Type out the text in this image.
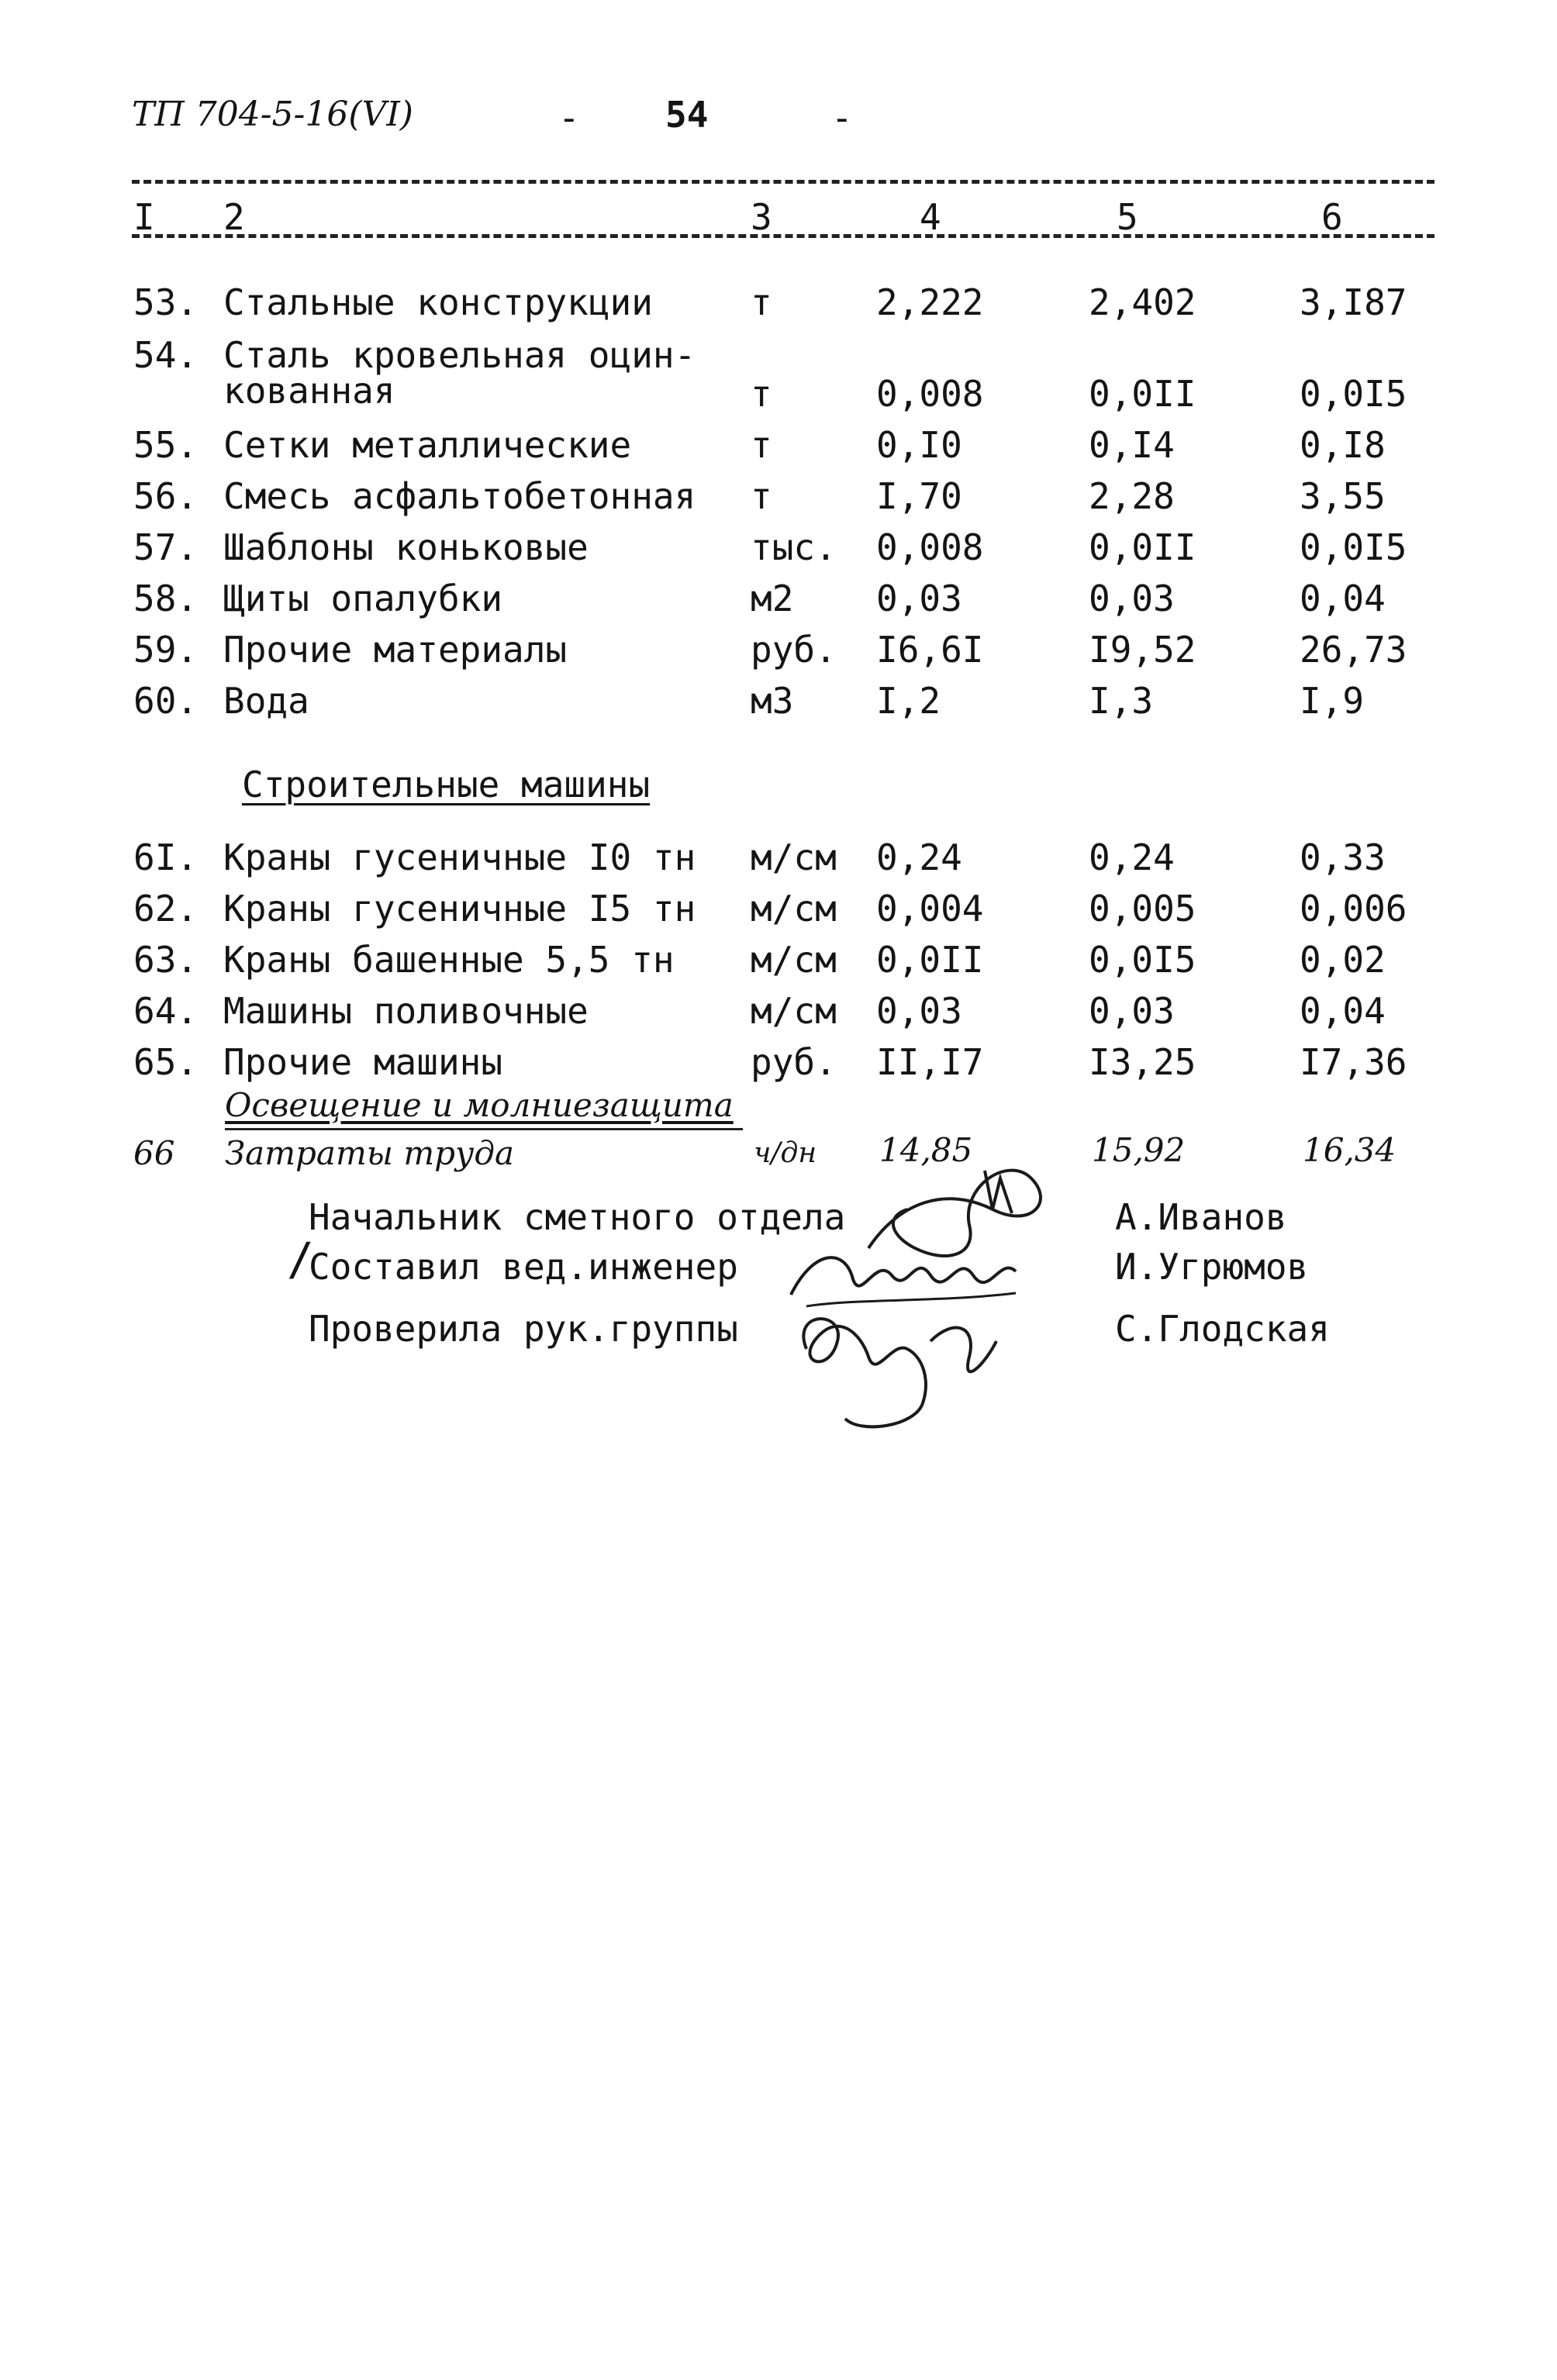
ТП 704-5-16(VI)	- 54	-
I 2	3	4	5	6
53. Стальные конструкции	т	2,222	2,402	3,I87
54. Сталь кровельная оцин-
кованная	т	0,008	0,0II	0,0I5
55. Сетки металлические	т	0,I0	0,I4	0,I8
56. Смесь асфальтобетонная т	I,70	2,28	3,55
57. Шаблоны коньковые	тыс. 0,008	0,0II	0,0I5
58. Щиты опалубки	м2 0,03	0,03	0,04
59. Прочие материалы	руб. I6,6I	I9,52	26,73
60. Вода	м3 I,2	I,3	I,9
Строительные машины
6I. Краны гусеничные I0 тн м/см 0,24	0,24	0,33
62. Краны гусеничные I5 тн м/см 0,004	0,005	0,006
63. Краны башенные 5,5 тн м/см 0,0II	0,0I5	0,02
64. Машины поливочные	м/см 0,03	0,03	0,04
65. Прочие машины	руб. II,I7	I3,25	I7,36
Освещение и молниезащита
66 Затраты труда	ч/дн 14,85	15,92	16,34
Начальник сметного отдела	А.Иванов
/
Составил вед.инженер	И.Угрюмов
Проверила рук.группы	С.Глодская
